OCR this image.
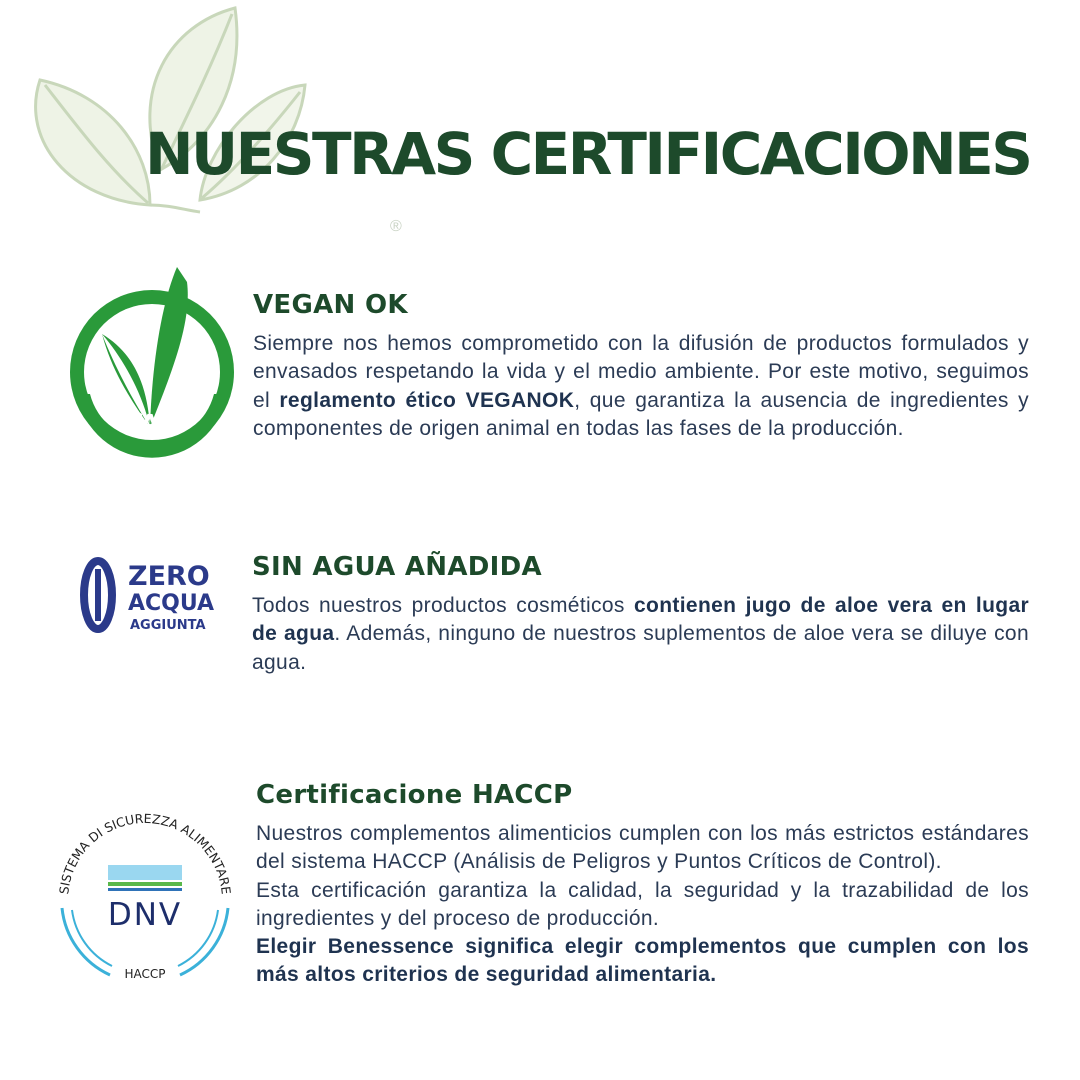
NUESTRAS CERTIFICACIONES
®
VEGANOK
ZERO
ACQUA
AGGIUNTA
SISTEMA DI SICUREZZA ALIMENTARE
DNV
HACCP
VEGAN OK

Siempre nos hemos comprometido con la difusión de productos formulados y envasados respetando la vida y el medio ambiente. Por este motivo, seguimos el reglamento ético VEGANOK, que garantiza la ausencia de ingredientes y componentes de origen animal en todas las fases de la producción.

SIN AGUA AÑADIDA

Todos nuestros productos cosméticos contienen jugo de aloe vera en lugar de agua. Además, ninguno de nuestros suplementos de aloe vera se diluye con agua.

Certificacione HACCP

Nuestros complementos alimenticios cumplen con los más estrictos estándares del sistema HACCP (Análisis de Peligros y Puntos Críticos de Control).

Esta certificación garantiza la calidad, la seguridad y la trazabilidad de los ingredientes y del proceso de producción.

Elegir Benessence significa elegir complementos que cumplen con los más altos criterios de seguridad alimentaria.
